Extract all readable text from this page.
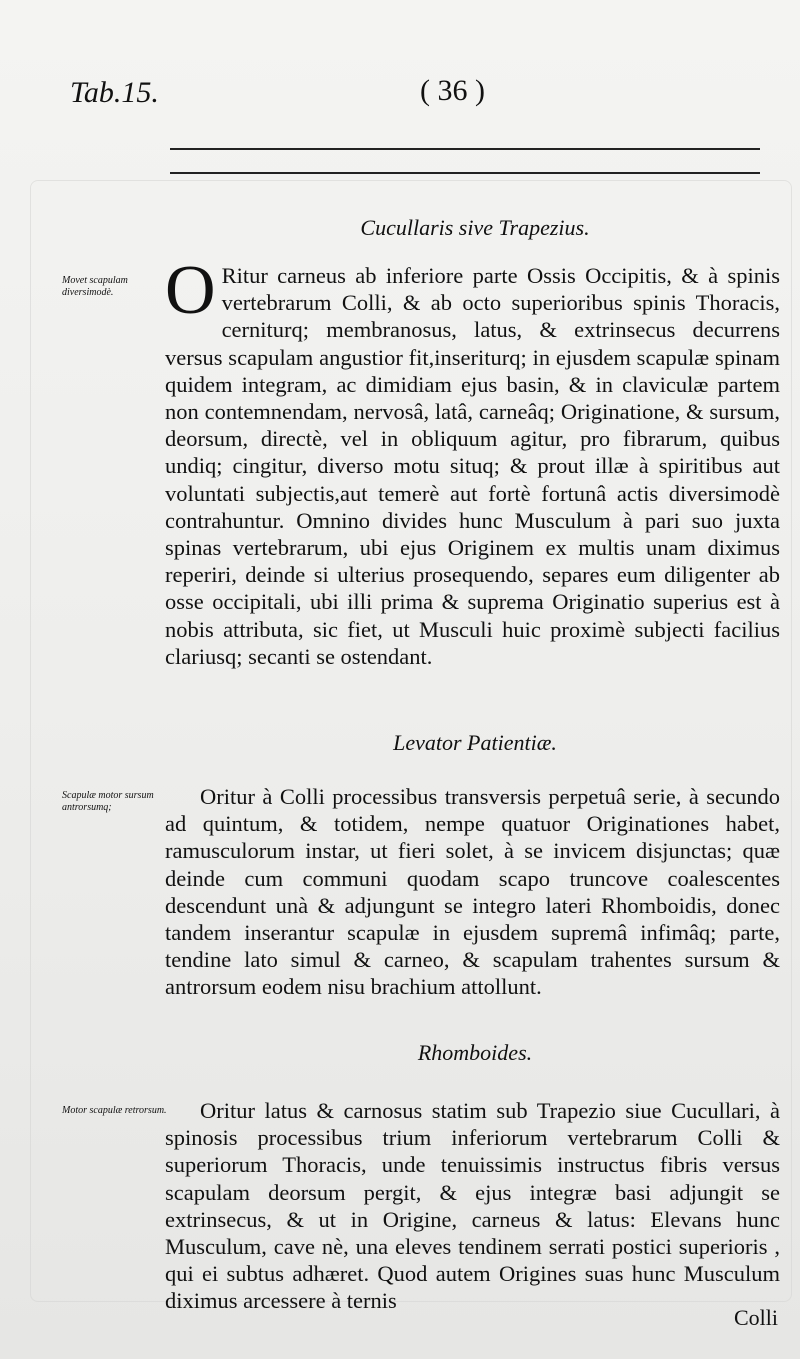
Tab.15.	( 36 )

Cucullaris sive Trapezius.

Movet scapulam diversimodè. O Ritur carneus ab inferiore parte Ossis Occipitis, & à spinis vertebrarum Colli, & ab octo superioribus spinis Thoracis, cerniturq; membranosus, latus, & extrinsecus decurrens versus scapulam angustior fit,inseriturq; in ejusdem scapulæ spinam quidem integram, ac dimidiam ejus basin, & in claviculæ partem non contemnendam, nervosâ, latâ, carneâq; Originatione, & sursum, deorsum, directè, vel in obliquum agitur, pro fibrarum, quibus undiq; cingitur, diverso motu situq; & prout illæ à spiritibus aut voluntati subjectis,aut temerè aut fortè fortunâ actis diversimodè contrahuntur. Omnino divides hunc Musculum à pari suo juxta spinas vertebrarum, ubi ejus Originem ex multis unam diximus reperiri, deinde si ulterius prosequendo, separes eum diligenter ab osse occipitali, ubi illi prima & suprema Originatio superius est à nobis attributa, sic fiet, ut Musculi huic proximè subjecti facilius clariusq; secanti se ostendant.

Levator Patientiæ.

Scapulæ motor sursum antrorsumq;	Oritur à Colli processibus transversis perpetuâ serie, à secundo ad quintum, & totidem, nempe quatuor Originationes habet, ramusculorum instar, ut fieri solet, à se invicem disjunctas; quæ deinde cum communi quodam scapo truncove coalescentes descendunt unà & adjungunt se integro lateri Rhomboidis, donec tandem inserantur scapulæ in ejusdem supremâ infimâq; parte, tendine lato simul & carneo, & scapulam trahentes sursum & antrorsum eodem nisu brachium attollunt.

Rhomboides.

Motor scapulæ retrorsum.	Oritur latus & carnosus statim sub Trapezio siue Cucullari, à spinosis processibus trium inferiorum vertebrarum Colli & superiorum Thoracis, unde tenuissimis instructus fibris versus scapulam deorsum pergit, & ejus integræ basi adjungit se extrinsecus, & ut in Origine, carneus & latus: Elevans hunc Musculum, cave nè, una eleves tendinem serrati postici superioris , qui ei subtus adhæret. Quod autem Origines suas hunc Musculum diximus arcessere à ternis

Colli
